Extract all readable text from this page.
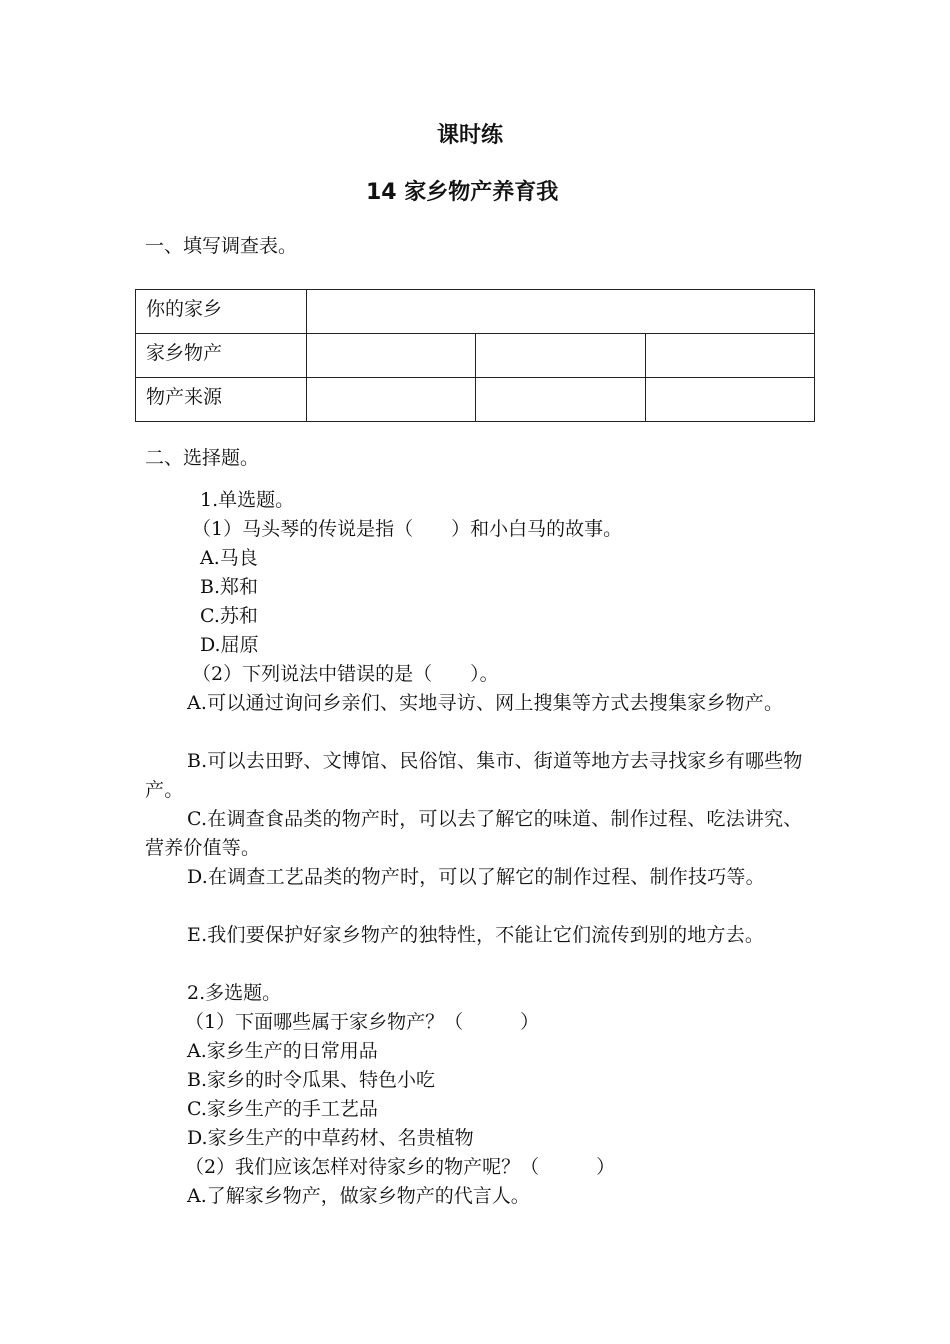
课时练
14 家乡物产养育我
一、填写调查表。
你的家乡			
家乡物产			
物产来源			
二、选择题。
1.单选题。
（1）马头琴的传说是指（　　）和小白马的故事。
A.马良
B.郑和
C.苏和
D.屈原
（2）下列说法中错误的是（　　）。
A.可以通过询问乡亲们、实地寻访、网上搜集等方式去搜集家乡物产。
B.可以去田野、文博馆、民俗馆、集市、街道等地方去寻找家乡有哪些物产。
C.在调查食品类的物产时，可以去了解它的味道、制作过程、吃法讲究、营养价值等。
D.在调查工艺品类的物产时，可以了解它的制作过程、制作技巧等。
E.我们要保护好家乡物产的独特性，不能让它们流传到别的地方去。
2.多选题。
（1）下面哪些属于家乡物产？（　　　）
A.家乡生产的日常用品
B.家乡的时令瓜果、特色小吃
C.家乡生产的手工艺品
D.家乡生产的中草药材、名贵植物
（2）我们应该怎样对待家乡的物产呢？（　　　）
A.了解家乡物产，做家乡物产的代言人。
